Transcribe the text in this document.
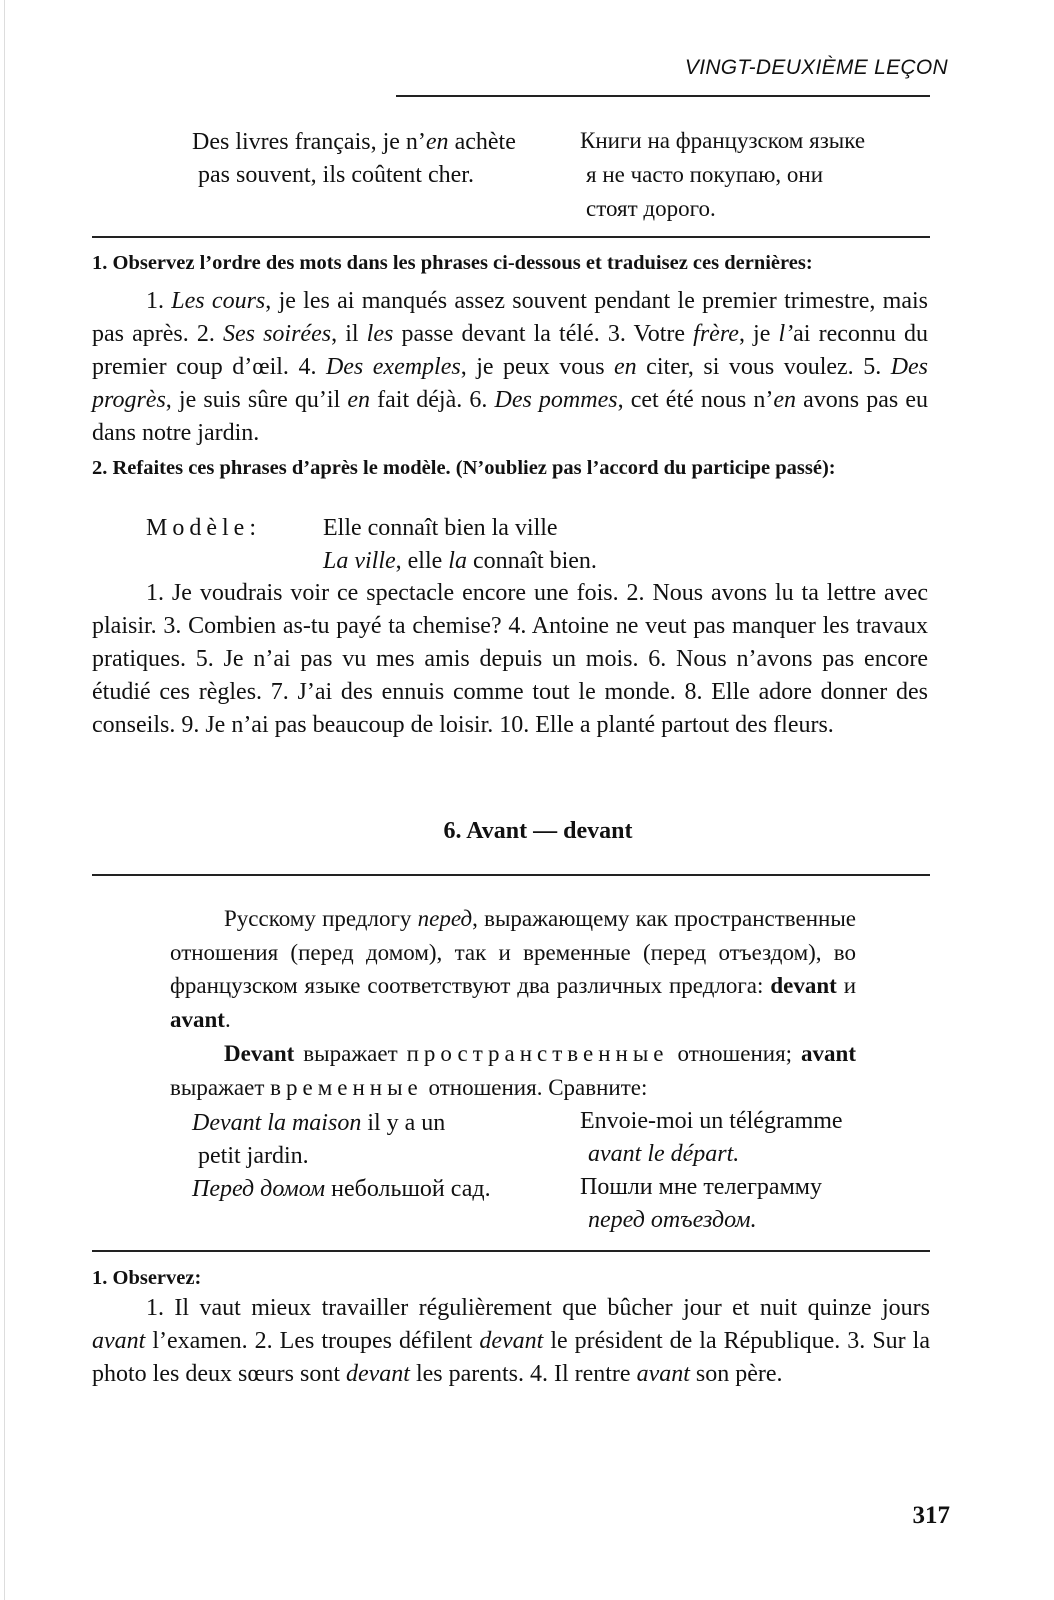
VINGT-DEUXIÈME LEÇON
Des livres français, je n’en achète
pas souvent, ils coûtent cher.
Книги на французском языке
я не часто покупаю, они
стоят дорого.
1. Observez l’ordre des mots dans les phrases ci-dessous et traduisez ces dernières:
1. Les cours, je les ai manqués assez souvent pendant le premier trimestre, mais pas après. 2. Ses soirées, il les passe devant la télé. 3. Votre frère, je l’ai reconnu du premier coup d’œil. 4. Des exemples, je peux vous en citer, si vous voulez. 5. Des progrès, je suis sûre qu’il en fait déjà. 6. Des pommes, cet été nous n’en avons pas eu dans notre jardin.
2. Refaites ces phrases d’après le modèle. (N’oubliez pas l’accord du participe passé):
Modèle:	Elle connaît bien la ville
La ville, elle la connaît bien.
1. Je voudrais voir ce spectacle encore une fois. 2. Nous avons lu ta lettre avec plaisir. 3. Combien as-tu payé ta chemise? 4. Antoine ne veut pas manquer les travaux pratiques. 5. Je n’ai pas vu mes amis depuis un mois. 6. Nous n’avons pas encore étudié ces règles. 7. J’ai des ennuis comme tout le monde. 8. Elle adore donner des conseils. 9. Je n’ai pas beaucoup de loisir. 10. Elle a planté partout des fleurs.
6. Avant — devant
Русскому предлогу перед, выражающему как пространственные отношения (перед домом), так и временные (перед отъездом), во французском языке соответствуют два различных предлога: devant и avant.
Devant выражает пространственные отношения; avant выражает временные отношения. Сравните:
Devant la maison il y a un
petit jardin.
Перед домом небольшой сад.
Envoie-moi un télégramme
avant le départ.
Пошли мне телеграмму
перед отъездом.
1. Observez:
1. Il vaut mieux travailler régulièrement que bûcher jour et nuit quinze jours avant l’examen. 2. Les troupes défilent devant le président de la République. 3. Sur la photo les deux sœurs sont devant les parents. 4. Il rentre avant son père.
317
